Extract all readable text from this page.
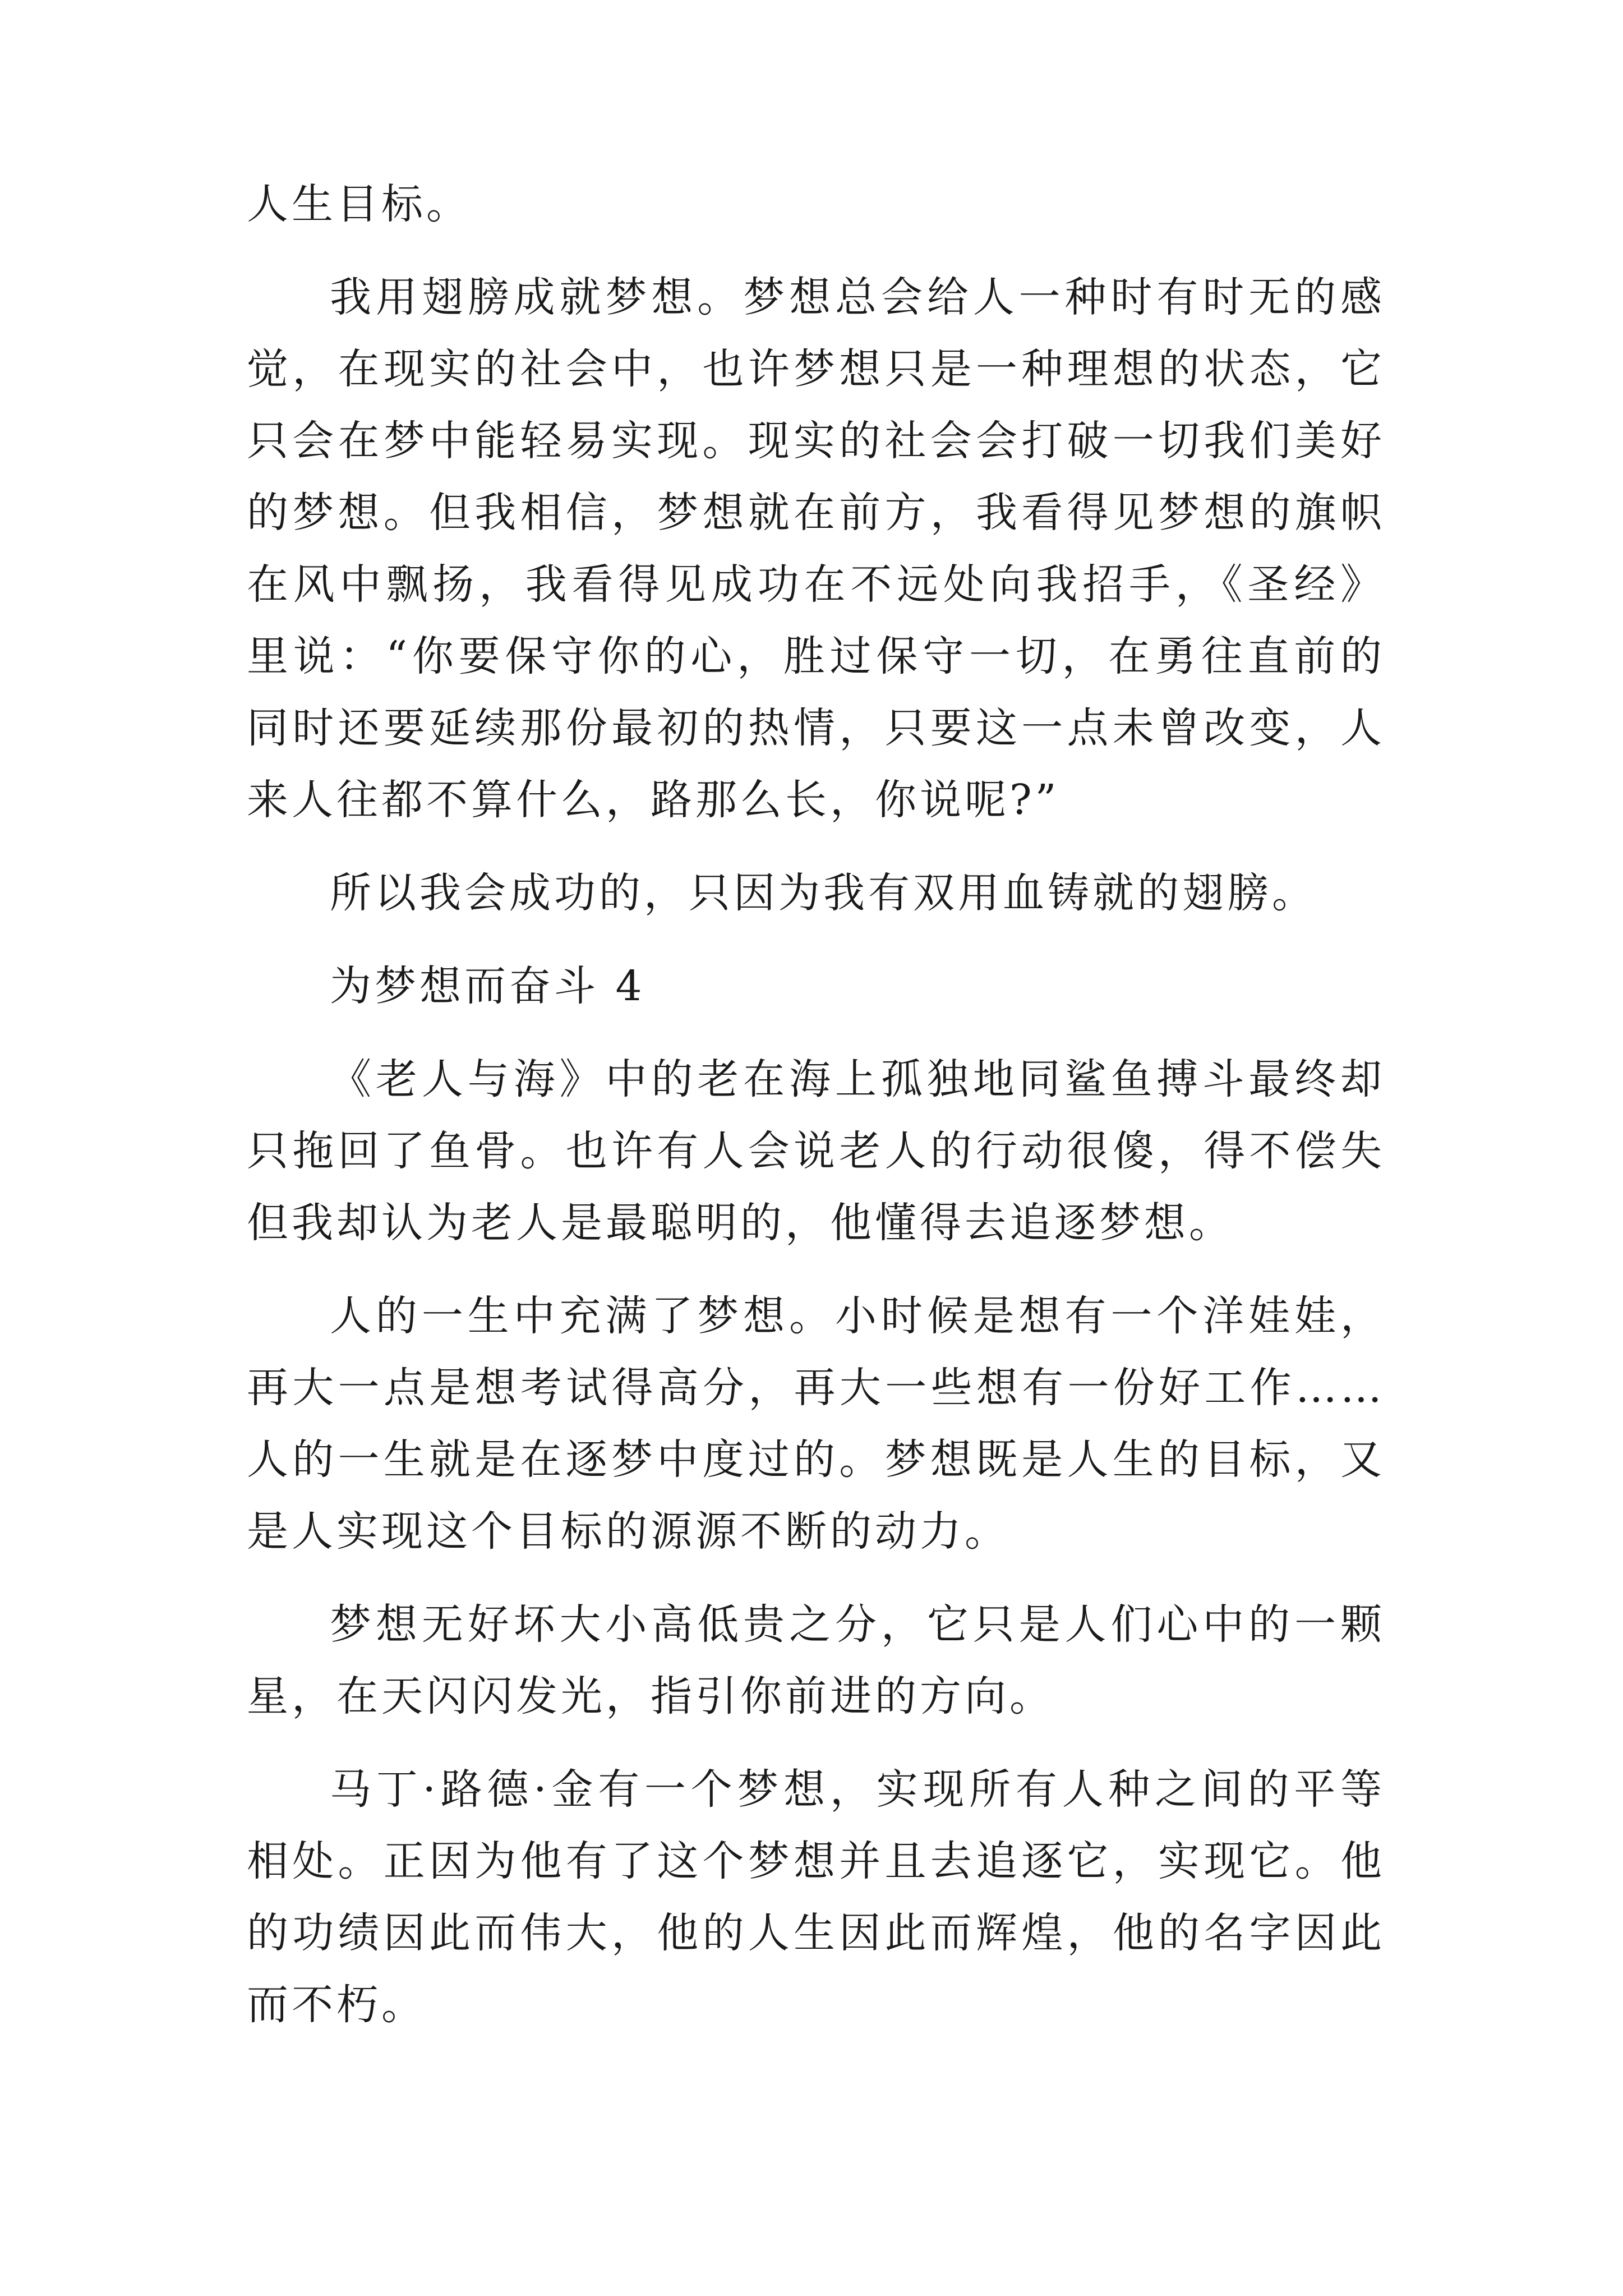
人生目标。

我用翅膀成就梦想。梦想总会给人一种时有时无的感觉，在现实的社会中，也许梦想只是一种理想的状态，它只会在梦中能轻易实现。现实的社会会打破一切我们美好的梦想。但我相信，梦想就在前方，我看得见梦想的旗帜在风中飘扬，我看得见成功在不远处向我招手，《圣经》里说：“你要保守你的心，胜过保守一切，在勇往直前的同时还要延续那份最初的热情，只要这一点未曾改变，人来人往都不算什么，路那么长，你说呢?”

所以我会成功的，只因为我有双用血铸就的翅膀。

为梦想而奋斗 4

《老人与海》中的老在海上孤独地同鲨鱼搏斗最终却只拖回了鱼骨。也许有人会说老人的行动很傻，得不偿失但我却认为老人是最聪明的，他懂得去追逐梦想。

人的一生中充满了梦想。小时候是想有一个洋娃娃，再大一点是想考试得高分，再大一些想有一份好工作……人的一生就是在逐梦中度过的。梦想既是人生的目标，又是人实现这个目标的源源不断的动力。

梦想无好坏大小高低贵之分，它只是人们心中的一颗星，在天闪闪发光，指引你前进的方向。

马丁·路德·金有一个梦想，实现所有人种之间的平等相处。正因为他有了这个梦想并且去追逐它，实现它。他的功绩因此而伟大，他的人生因此而辉煌，他的名字因此而不朽。
